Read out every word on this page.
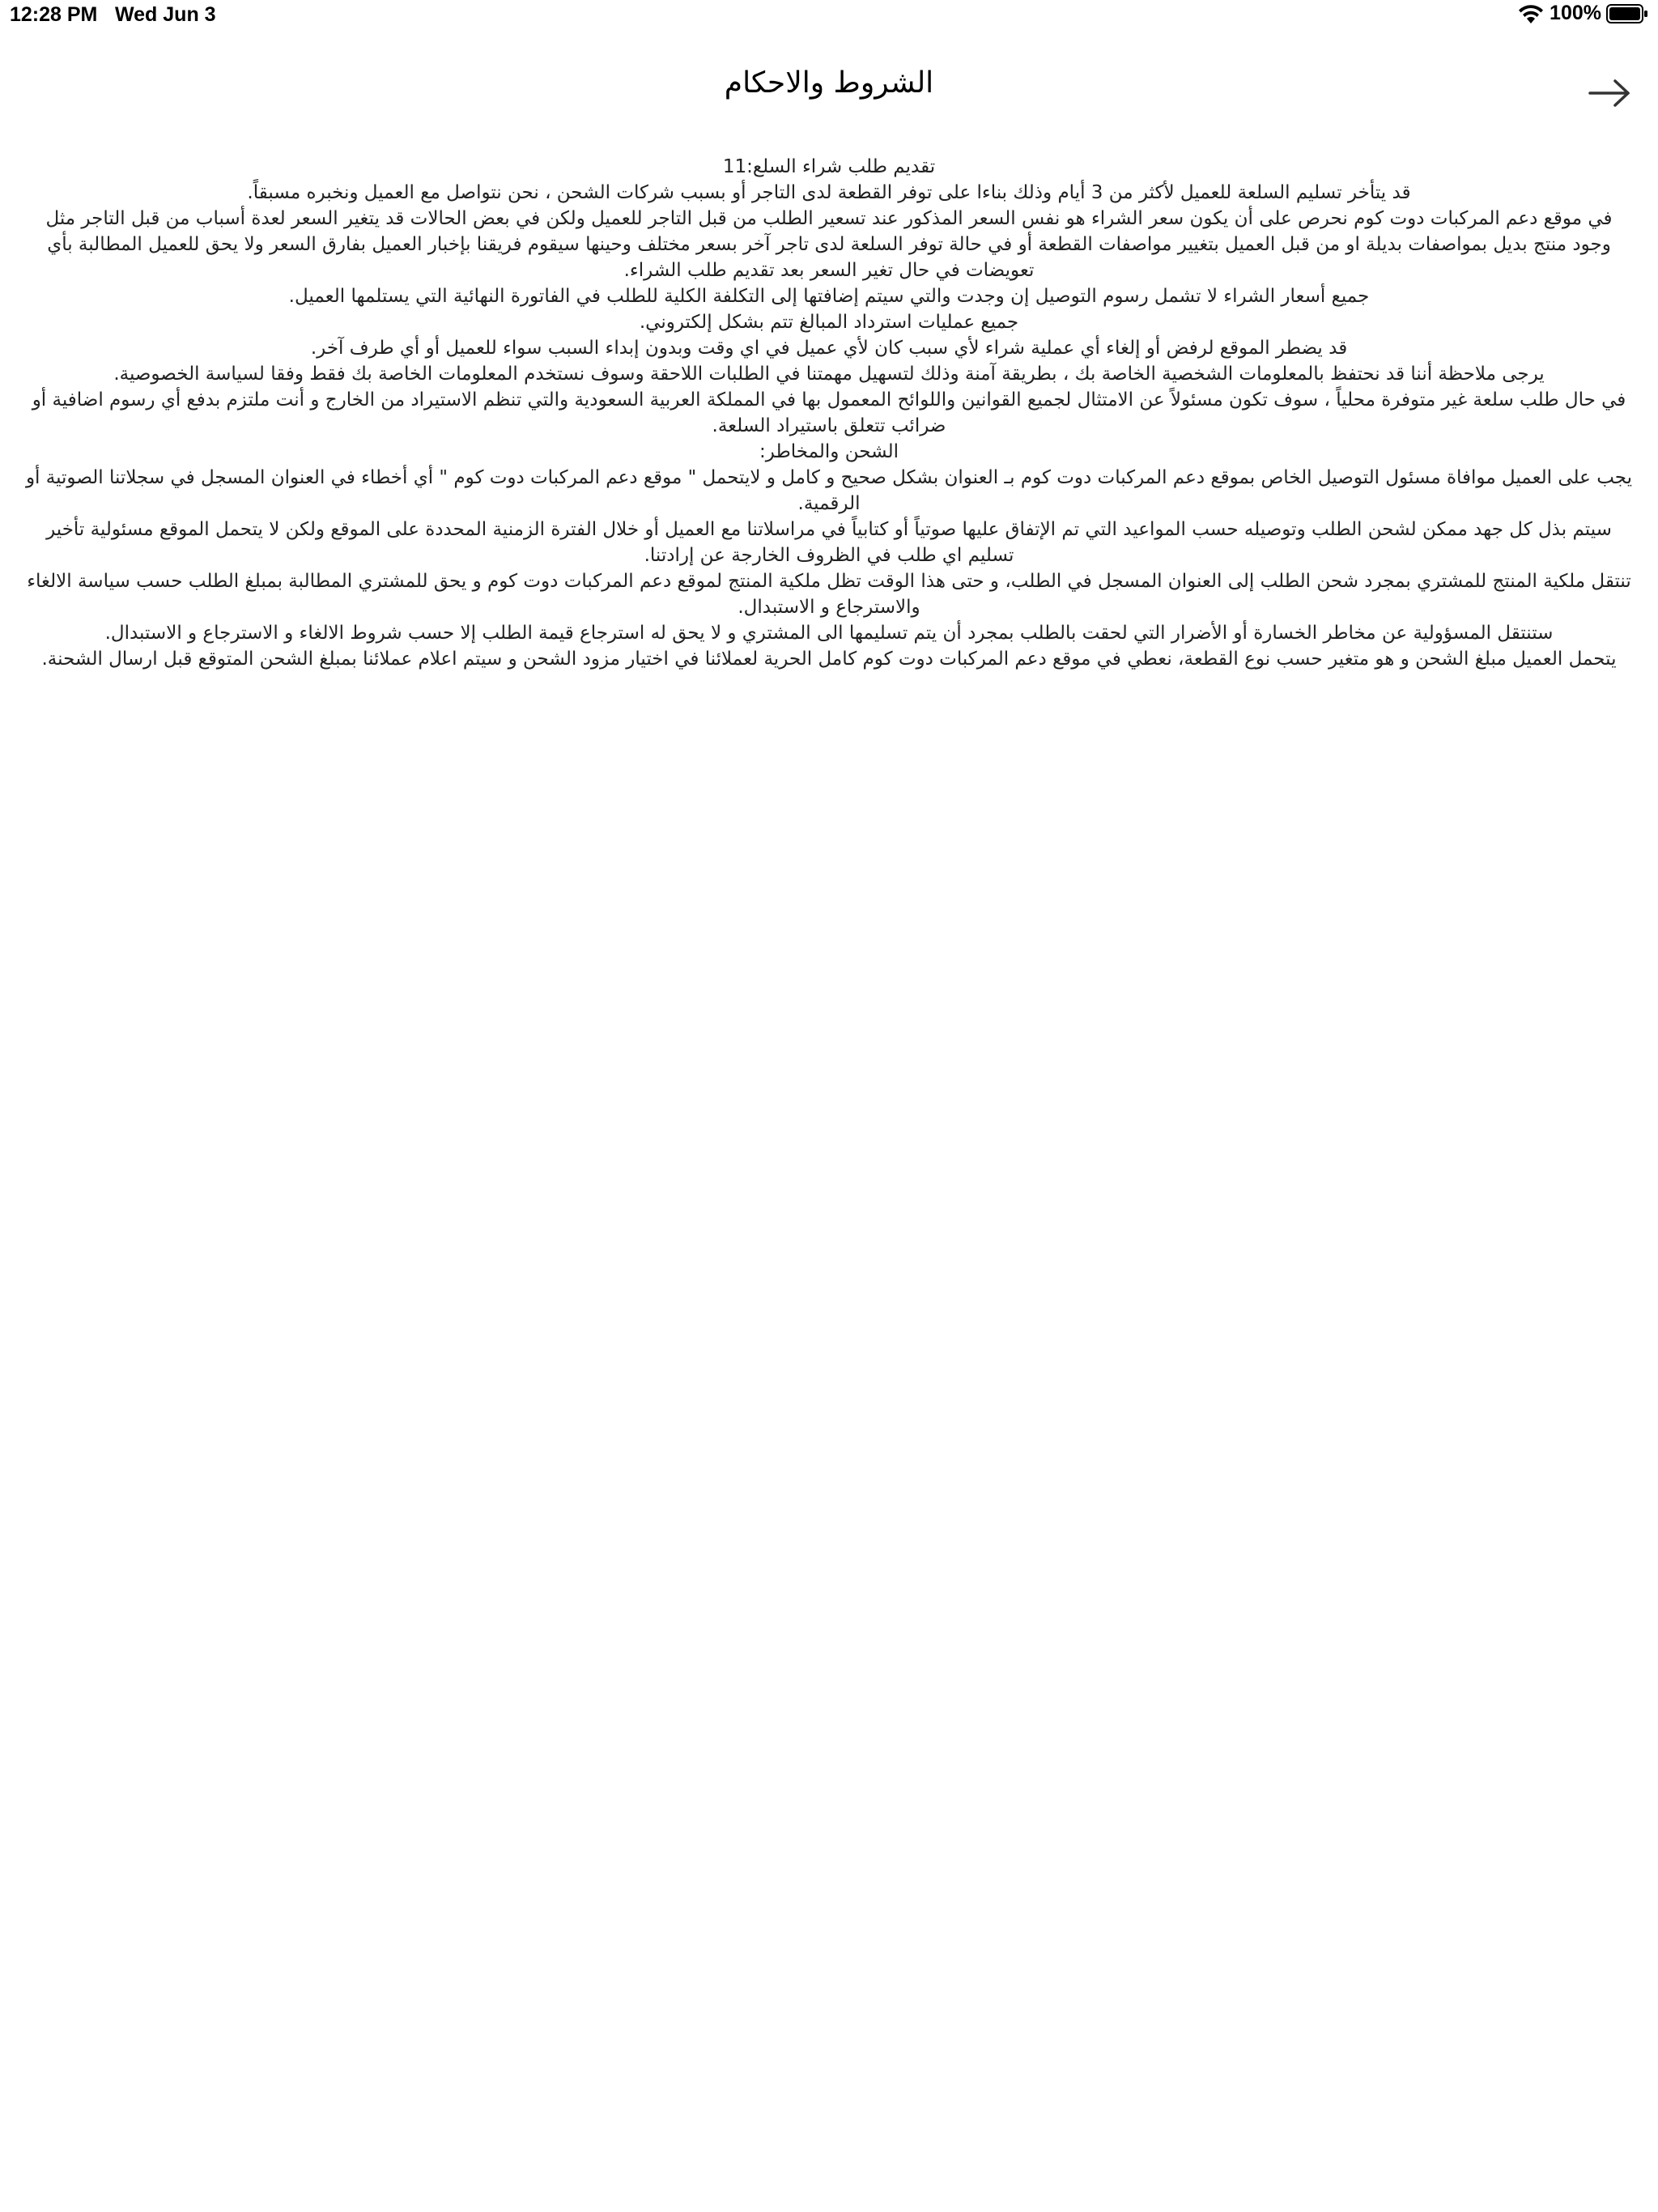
12:28 PM Wed Jun 3	100%
الشروط والاحكام

تقديم طلب شراء السلع:11

قد يتأخر تسليم السلعة للعميل لأكثر من 3 أيام وذلك بناءا على توفر القطعة لدى التاجر أو بسبب شركات الشحن ، نحن نتواصل مع العميل ونخبره مسبقاً.

في موقع دعم المركبات دوت كوم نحرص على أن يكون سعر الشراء هو نفس السعر المذكور عند تسعير الطلب من قبل التاجر للعميل ولكن في بعض الحالات قد يتغير السعر لعدة أسباب من قبل التاجر مثل وجود منتج بديل بمواصفات بديلة او من قبل العميل بتغيير مواصفات القطعة أو في حالة توفر السلعة لدى تاجر آخر بسعر مختلف وحينها سيقوم فريقنا بإخبار العميل بفارق السعر ولا يحق للعميل المطالبة بأي تعويضات في حال تغير السعر بعد تقديم طلب الشراء.

جميع أسعار الشراء لا تشمل رسوم التوصيل إن وجدت والتي سيتم إضافتها إلى التكلفة الكلية للطلب في الفاتورة النهائية التي يستلمها العميل.

جميع عمليات استرداد المبالغ تتم بشكل إلكتروني.

قد يضطر الموقع لرفض أو إلغاء أي عملية شراء لأي سبب كان لأي عميل في اي وقت وبدون إبداء السبب سواء للعميل أو أي طرف آخر.

يرجى ملاحظة أننا قد نحتفظ بالمعلومات الشخصية الخاصة بك ، بطريقة آمنة وذلك لتسهيل مهمتنا في الطلبات اللاحقة وسوف نستخدم المعلومات الخاصة بك فقط وفقا لسياسة الخصوصية.

في حال طلب سلعة غير متوفرة محلياً ، سوف تكون مسئولاً عن الامتثال لجميع القوانين واللوائح المعمول بها في المملكة العربية السعودية والتي تنظم الاستيراد من الخارج و أنت ملتزم بدفع أي رسوم اضافية أو ضرائب تتعلق باستيراد السلعة.

الشحن والمخاطر:

يجب على العميل موافاة مسئول التوصيل الخاص بموقع دعم المركبات دوت كوم بـ العنوان بشكل صحيح و كامل و لايتحمل " موقع دعم المركبات دوت كوم " أي أخطاء في العنوان المسجل في سجلاتنا الصوتية أو الرقمية.

سيتم بذل كل جهد ممكن لشحن الطلب وتوصيله حسب المواعيد التي تم الإتفاق عليها صوتياً أو كتابياً في مراسلاتنا مع العميل أو خلال الفترة الزمنية المحددة على الموقع ولكن لا يتحمل الموقع مسئولية تأخير تسليم اي طلب في الظروف الخارجة عن إرادتنا.

تنتقل ملكية المنتج للمشتري بمجرد شحن الطلب إلى العنوان المسجل في الطلب، و حتى هذا الوقت تظل ملكية المنتج لموقع دعم المركبات دوت كوم و يحق للمشتري المطالبة بمبلغ الطلب حسب سياسة الالغاء والاسترجاع و الاستبدال.

ستنتقل المسؤولية عن مخاطر الخسارة أو الأضرار التي لحقت بالطلب بمجرد أن يتم تسليمها الى المشتري و لا يحق له استرجاع قيمة الطلب إلا حسب شروط الالغاء و الاسترجاع و الاستبدال.

يتحمل العميل مبلغ الشحن و هو متغير حسب نوع القطعة، نعطي في موقع دعم المركبات دوت كوم كامل الحرية لعملائنا في اختيار مزود الشحن و سيتم اعلام عملائنا بمبلغ الشحن المتوقع قبل ارسال الشحنة.
